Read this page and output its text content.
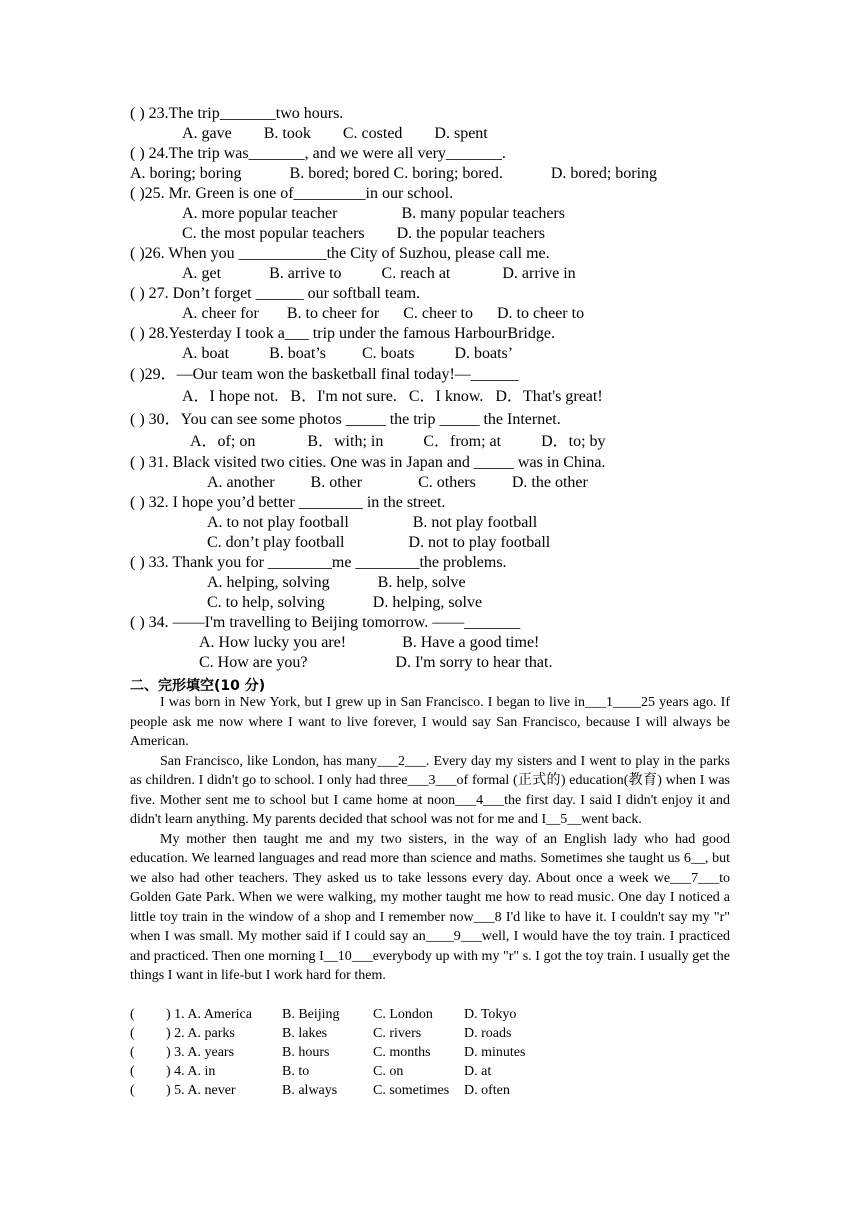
( ) 23.The trip_______two hours.
A. gave        B. took        C. costed        D. spent
( ) 24.The trip was_______, and we were all very_______.
A. boring; boring            B. bored; bored C. boring; bored.            D. bored; boring
( )25. Mr. Green is one of_________in our school.
A. more popular teacher                B. many popular teachers
C. the most popular teachers        D. the popular teachers
( )26. When you ___________the City of Suzhou, please call me.
A. get            B. arrive to          C. reach at             D. arrive in
( ) 27. Don’t forget ______ our softball team.
A. cheer for       B. to cheer for      C. cheer to      D. to cheer to
( ) 28.Yesterday I took a___ trip under the famous HarbourBridge.
A. boat          B. boat’s         C. boats          D. boats’
( )29．—Our team won the basketball final today!—______
A．I hope not.   B．I'm not sure.   C．I know.   D．That's great!
( ) 30．You can see some photos _____ the trip _____ the Internet.
A．of; on             B．with; in          C．from; at          D．to; by
( ) 31. Black visited two cities. One was in Japan and _____ was in China.
A. another         B. other              C. others         D. the other
( ) 32. I hope you’d better ________ in the street.
A. to not play football                B. not play football
C. don’t play football                D. not to play football
( ) 33. Thank you for ________me ________the problems.
A. helping, solving            B. help, solve
C. to help, solving            D. helping, solve
( ) 34. ——I'm travelling to Beijing tomorrow. ——_______
A. How lucky you are!              B. Have a good time!
C. How are you?                      D. I'm sorry to hear that.
二、完形填空(10 分)

I was born in New York, but I grew up in San Francisco. I began to live in___1____25 years ago. If people ask me now where I want to live forever, I would say San Francisco, because I will always be American.

San Francisco, like London, has many___2___. Every day my sisters and I went to play in the parks as children. I didn't go to school. I only had three___3___of formal (正式的) education(教育) when I was five. Mother sent me to school but I came home at noon___4___the first day. I said I didn't enjoy it and didn't learn anything. My parents decided that school was not for me and I__5__went back.

My mother then taught me and my two sisters, in the way of an English lady who had good education. We learned languages and read more than science and maths. Sometimes she taught us 6__, but we also had other teachers. They asked us to take lessons every day. About once a week we___7___to Golden Gate Park. When we were walking, my mother taught me how to read music. One day I noticed a little toy train in the window of a shop and I remember now___8 I'd like to have it. I couldn't say my "r" when I was small. My mother said if I could say an____9___well, I would have the toy train. I practiced and practiced. Then one morning I__10___everybody up with my "r" s. I got the toy train. I usually get the things I want in life-but I work hard for them.

( ) 1. A. America B. Beijing C. London D. Tokyo
( ) 2. A. parks	B. lakes	C. rivers	D. roads
( ) 3. A. years	B. hours	C. months D. minutes
( ) 4. A. in	B. to	C. on	D. at
( ) 5. A. never	B. always	C. sometimes D. often
